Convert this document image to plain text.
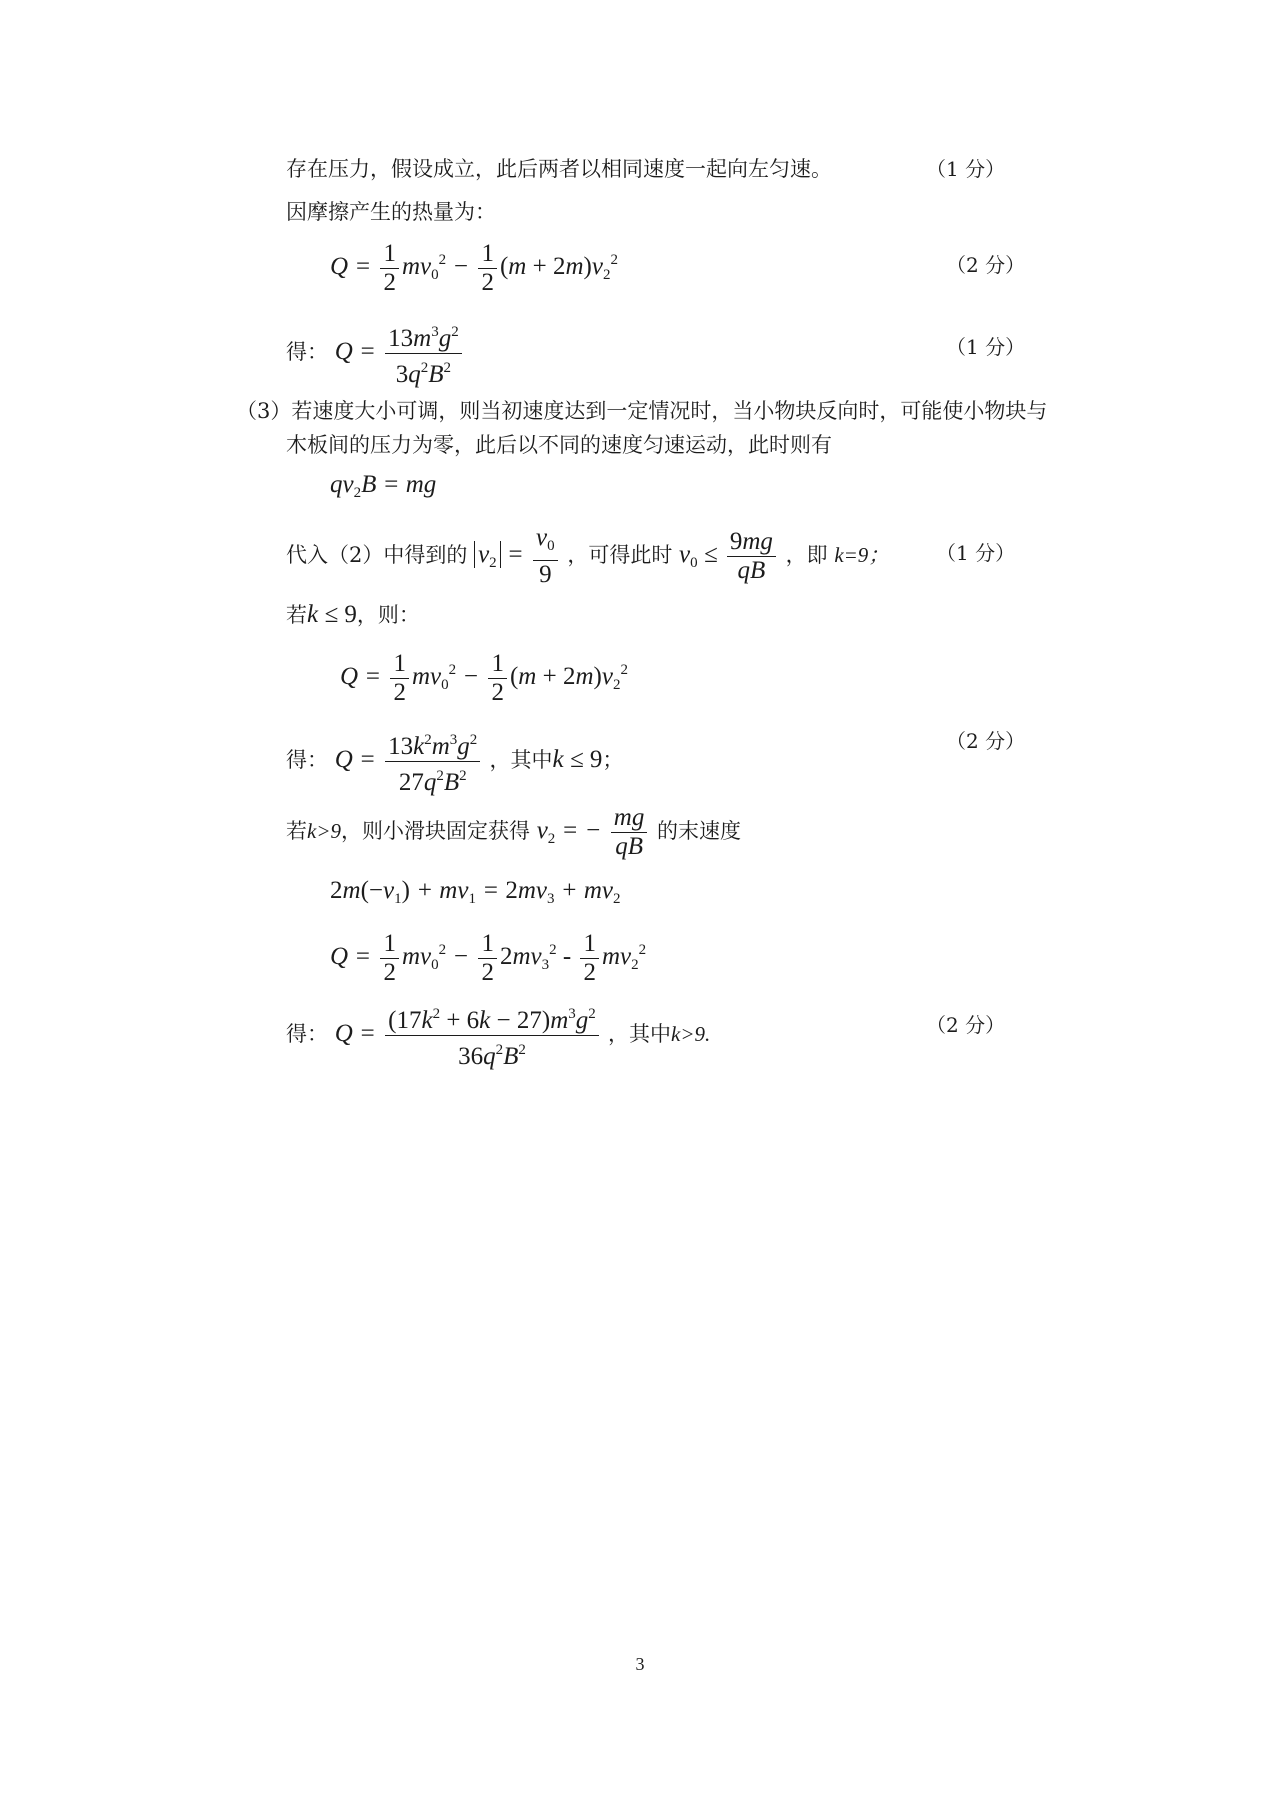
存在压力，假设成立，此后两者以相同速度一起向左匀速。	（1 分）
因摩擦产生的热量为：
$Q = \frac{1}{2} mv_0^2 - \frac{1}{2} (m + 2m)v_2^2$	（2 分）
得： $Q = \frac{13m^3g^2}{3q^2B^2}$	（1 分）
（3）若速度大小可调，则当初速度达到一定情况时，当小物块反向时，可能使小物块与
木板间的压力为零，此后以不同的速度匀速运动，此时则有
$qv_2B$ = mg
代入（2）中得到的 $v_2 = \frac{v_0}{9}$ ，可得此时 $v_0 \le \frac{9mg}{qB}$ ，即 k=9； （1 分）
若k ≤ 9，则：
$Q = \frac{1}{2} mv_0^2 - \frac{1}{2} (m + 2m)v_2^2$
得： $Q = \frac{13k^2m^3g^2}{27q^2B^2}$ ，其中k ≤ 9；
（2 分）
若k>9，则小滑块固定获得 $v_2$ = − $\frac{mg}{qB}$ 的末速度
$2m(-v_1) + mv_1 = 2mv_3 + mv_2$
$Q = \frac{1}{2} mv_0^2 - \frac{1}{2} 2mv_3^2 - \frac{1}{2} mv_2^2$
得： $Q = \frac{(17k^2 + 6k - 27)m^3g^2}{36q^2B^2}$ ，其中k>9.	（2 分）
3
